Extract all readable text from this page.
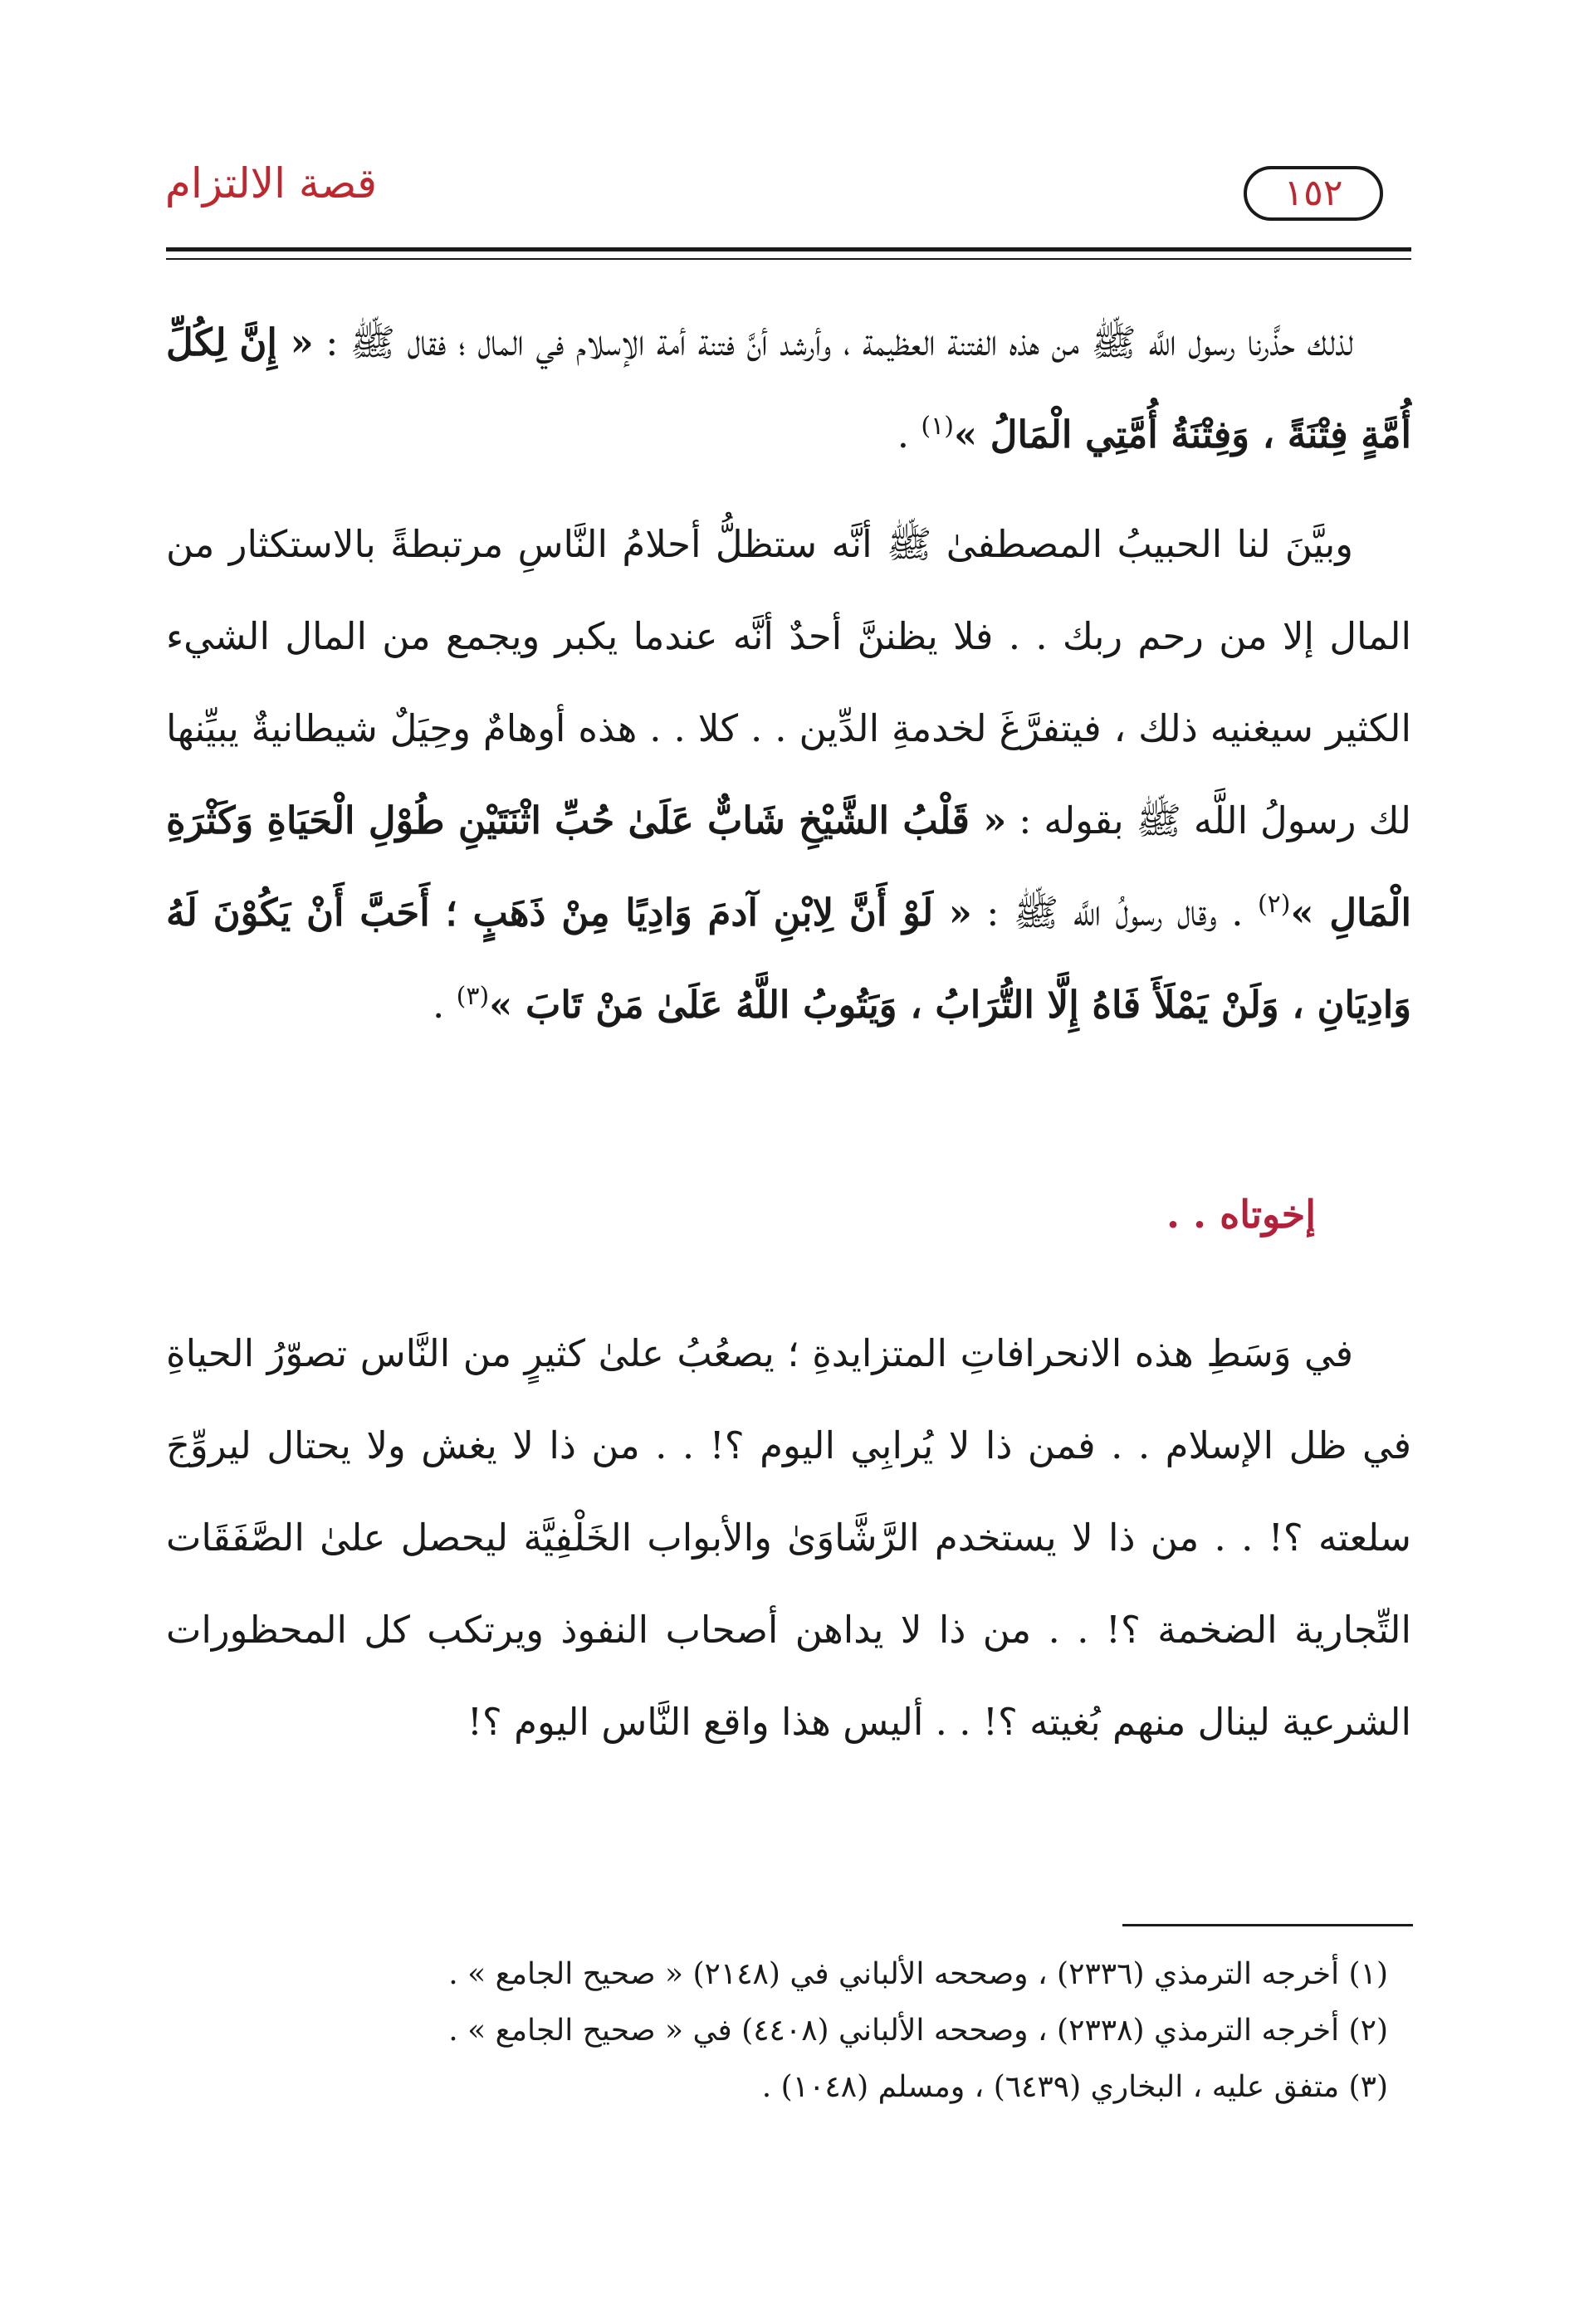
قصة الالتزام	١٥٢

لذلك حذَّرنا رسول اللَّه ﷺ من هذه الفتنة العظيمة ، وأرشد أنَّ فتنة أمة الإسلام في المال ؛ فقال ﷺ : « إِنَّ لِكُلِّ أُمَّةٍ فِتْنَةً ، وَفِتْنَةُ أُمَّتِي الْمَالُ »$^{(١)}$ .

وبيَّنَ لنا الحبيبُ المصطفىٰ ﷺ أنَّه ستظلُّ أحلامُ النَّاسِ مرتبطةً بالاستكثار من المال إلا من رحم ربك . . فلا يظننَّ أحدٌ أنَّه عندما يكبر ويجمع من المال الشيء الكثير سيغنيه ذلك ، فيتفرَّغَ لخدمةِ الدِّين . . كلا . . هذه أوهامٌ وحِيَلٌ شيطانيةٌ يبيِّنها لك رسولُ اللَّه ﷺ بقوله : « قَلْبُ الشَّيْخِ شَابٌّ عَلَىٰ حُبِّ اثْنَتَيْنِ طُوْلِ الْحَيَاةِ وَكَثْرَةِ الْمَالِ »$^{(٢)}$ . وقال رسولُ اللَّه ﷺ : « لَوْ أَنَّ لِابْنِ آدمَ وَادِيًا مِنْ ذَهَبٍ ؛ أَحَبَّ أَنْ يَكُوْنَ لَهُ وَادِيَانِ ، وَلَنْ يَمْلَأَ فَاهُ إِلَّا التُّرَابُ ، وَيَتُوبُ اللَّهُ عَلَىٰ مَنْ تَابَ »$^{(٣)}$ .

إخوتاه . .

في وَسَطِ هذه الانحرافاتِ المتزايدةِ ؛ يصعُبُ علىٰ كثيرٍ من النَّاس تصوّرُ الحياةِ في ظل الإسلام . . فمن ذا لا يُرابِي اليوم ؟! . . من ذا لا يغش ولا يحتال ليروِّجَ سلعته ؟! . . من ذا لا يستخدم الرَّشَّاوَىٰ والأبواب الخَلْفِيَّة ليحصل علىٰ الصَّفَقَات التِّجارية الضخمة ؟! . . من ذا لا يداهن أصحاب النفوذ ويرتكب كل المحظورات الشرعية لينال منهم بُغيته ؟! . . أليس هذا واقع النَّاس اليوم ؟!

(١) أخرجه الترمذي (٢٣٣٦) ، وصححه الألباني في (٢١٤٨) « صحيح الجامع » .
(٢) أخرجه الترمذي (٢٣٣٨) ، وصححه الألباني (٤٤٠٨) في « صحيح الجامع » .
(٣) متفق عليه ، البخاري (٦٤٣٩) ، ومسلم (١٠٤٨) .
